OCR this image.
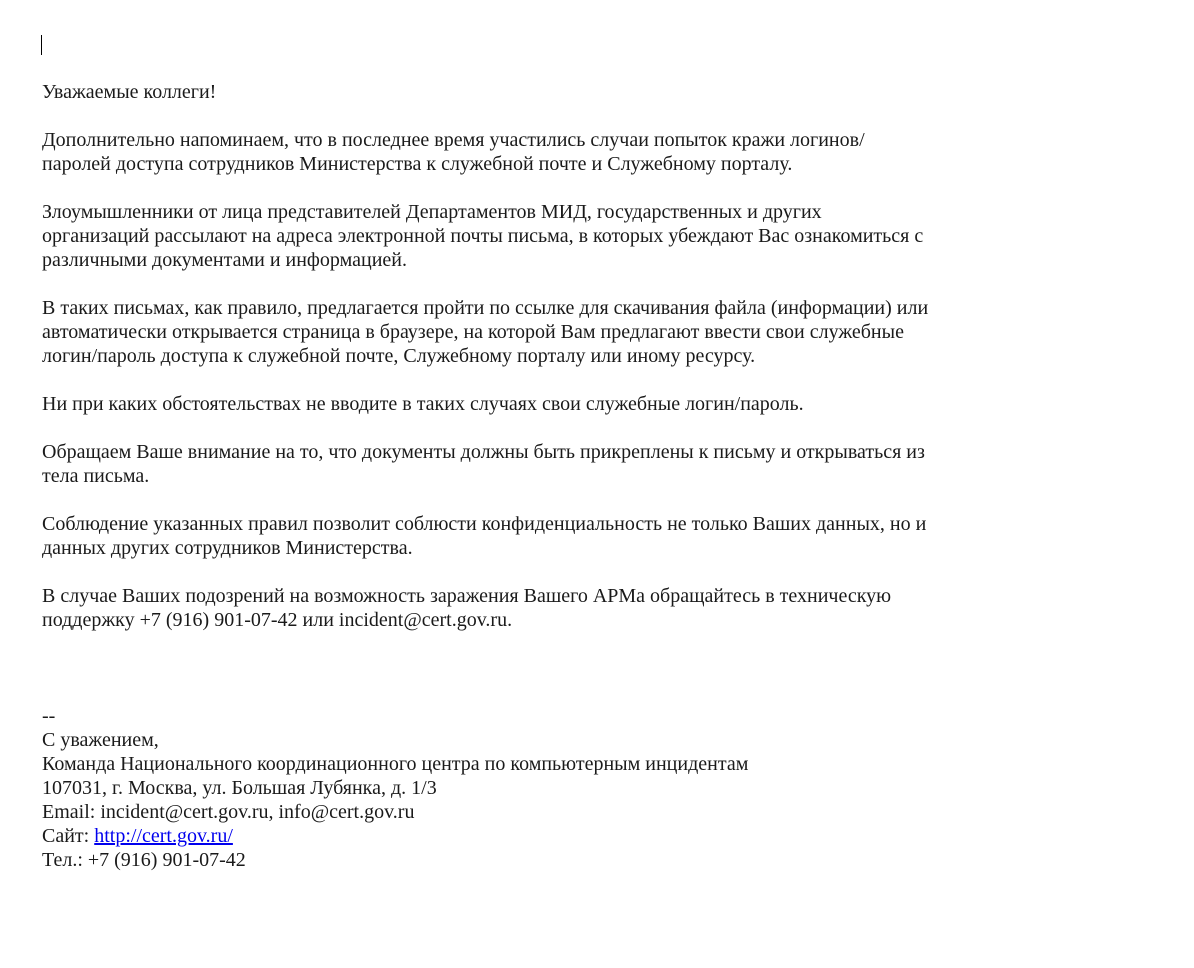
Уважаемые коллеги!

Дополнительно напоминаем, что в последнее время участились случаи попыток кражи логинов/
паролей доступа сотрудников Министерства к служебной почте и Служебному порталу.

Злоумышленники от лица представителей Департаментов МИД, государственных и других
организаций рассылают на адреса электронной почты письма, в которых убеждают Вас ознакомиться с
различными документами и информацией.

В таких письмах, как правило, предлагается пройти по ссылке для скачивания файла (информации) или
автоматически открывается страница в браузере, на которой Вам предлагают ввести свои служебные
логин/пароль доступа к служебной почте, Служебному порталу или иному ресурсу.

Ни при каких обстоятельствах не вводите в таких случаях свои служебные логин/пароль.

Обращаем Ваше внимание на то, что документы должны быть прикреплены к письму и открываться из
тела письма.

Соблюдение указанных правил позволит соблюсти конфиденциальность не только Ваших данных, но и
данных других сотрудников Министерства.

В случае Ваших подозрений на возможность заражения Вашего АРМа обращайтесь в техническую
поддержку +7 (916) 901-07-42 или incident@cert.gov.ru.

--

С уважением,

Команда Национального координационного центра по компьютерным инцидентам

107031, г. Москва, ул. Большая Лубянка, д. 1/3

Email: incident@cert.gov.ru, info@cert.gov.ru

Сайт: http://cert.gov.ru/

Тел.: +7 (916) 901-07-42
